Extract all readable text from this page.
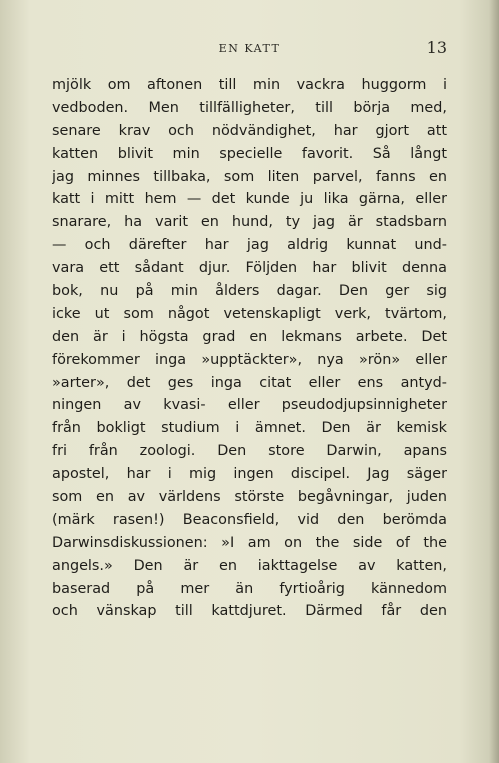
EN KATT	13
mjölk om aftonen till min vackra huggorm i
vedboden. Men tillfälligheter, till börja med,
senare krav och nödvändighet, har gjort att
katten blivit min specielle favorit. Så långt
jag minnes tillbaka, som liten parvel, fanns en
katt i mitt hem — det kunde ju lika gärna, eller
snarare, ha varit en hund, ty jag är stadsbarn
— och därefter har jag aldrig kunnat und-
vara ett sådant djur. Följden har blivit denna
bok, nu på min ålders dagar. Den ger sig
icke ut som något vetenskapligt verk, tvärtom,
den är i högsta grad en lekmans arbete. Det
förekommer inga »upptäckter», nya »rön» eller
»arter», det ges inga citat eller ens antyd-
ningen av kvasi- eller pseudodjupsinnigheter
från bokligt studium i ämnet. Den är kemisk
fri från zoologi. Den store Darwin, apans
apostel, har i mig ingen discipel. Jag säger
som en av världens störste begåvningar, juden
(märk rasen!) Beaconsfield, vid den berömda
Darwinsdiskussionen: »I am on the side of the
angels.» Den är en iakttagelse av katten,
baserad på mer än fyrtioårig kännedom
och vänskap till kattdjuret. Därmed får den
